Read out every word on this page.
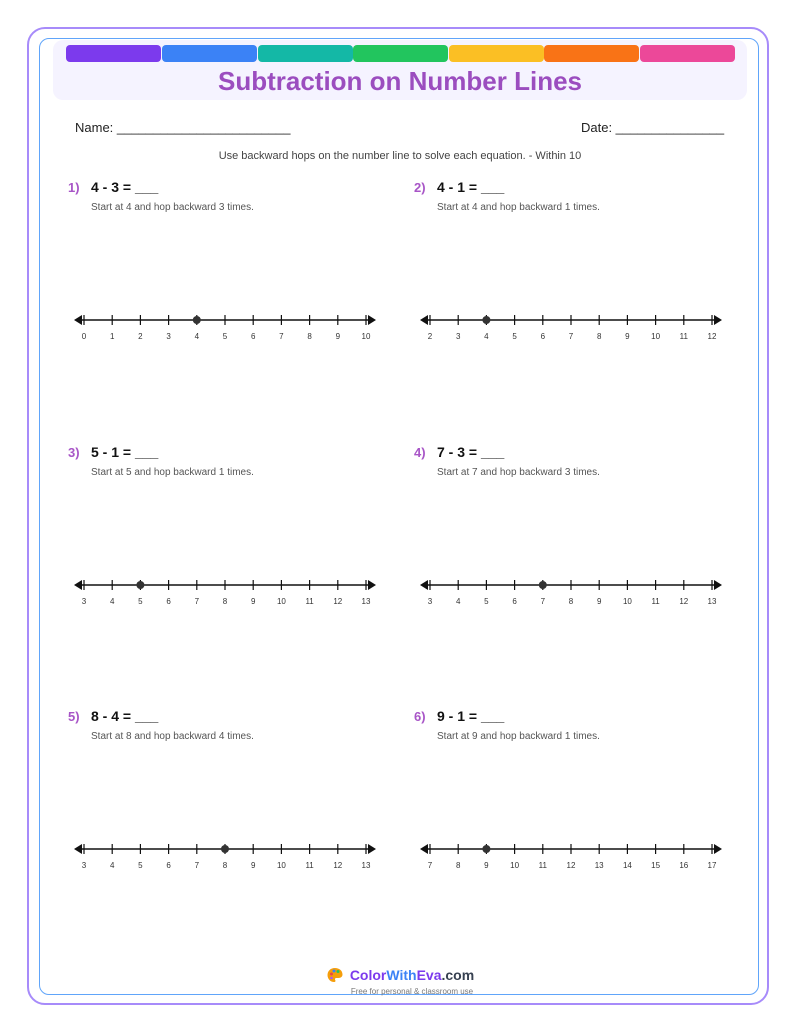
Subtraction on Number Lines
Name: ________________________	Date: _______________
Use backward hops on the number line to solve each equation. - Within 10
1) 4 - 3 = ___
Start at 4 and hop backward 3 times.
0	1	2	3	4	5	6	7	8	9	10
2) 4 - 1 = ___
Start at 4 and hop backward 1 times.
2	3	4	5	6	7	8	9	10 11 12
3) 5 - 1 = ___
Start at 5 and hop backward 1 times.
3	4	5	6	7	8	9	10 11 12 13
4) 7 - 3 = ___
Start at 7 and hop backward 3 times.
3	4	5	6	7	8	9	10 11 12 13
5) 8 - 4 = ___
Start at 8 and hop backward 4 times.
3	4	5	6	7	8	9	10 11 12 13
6) 9 - 1 = ___
Start at 9 and hop backward 1 times.
7	8	9	10 11 12 13 14 15 16 17
ColorWithEva.com
Free for personal & classroom use
